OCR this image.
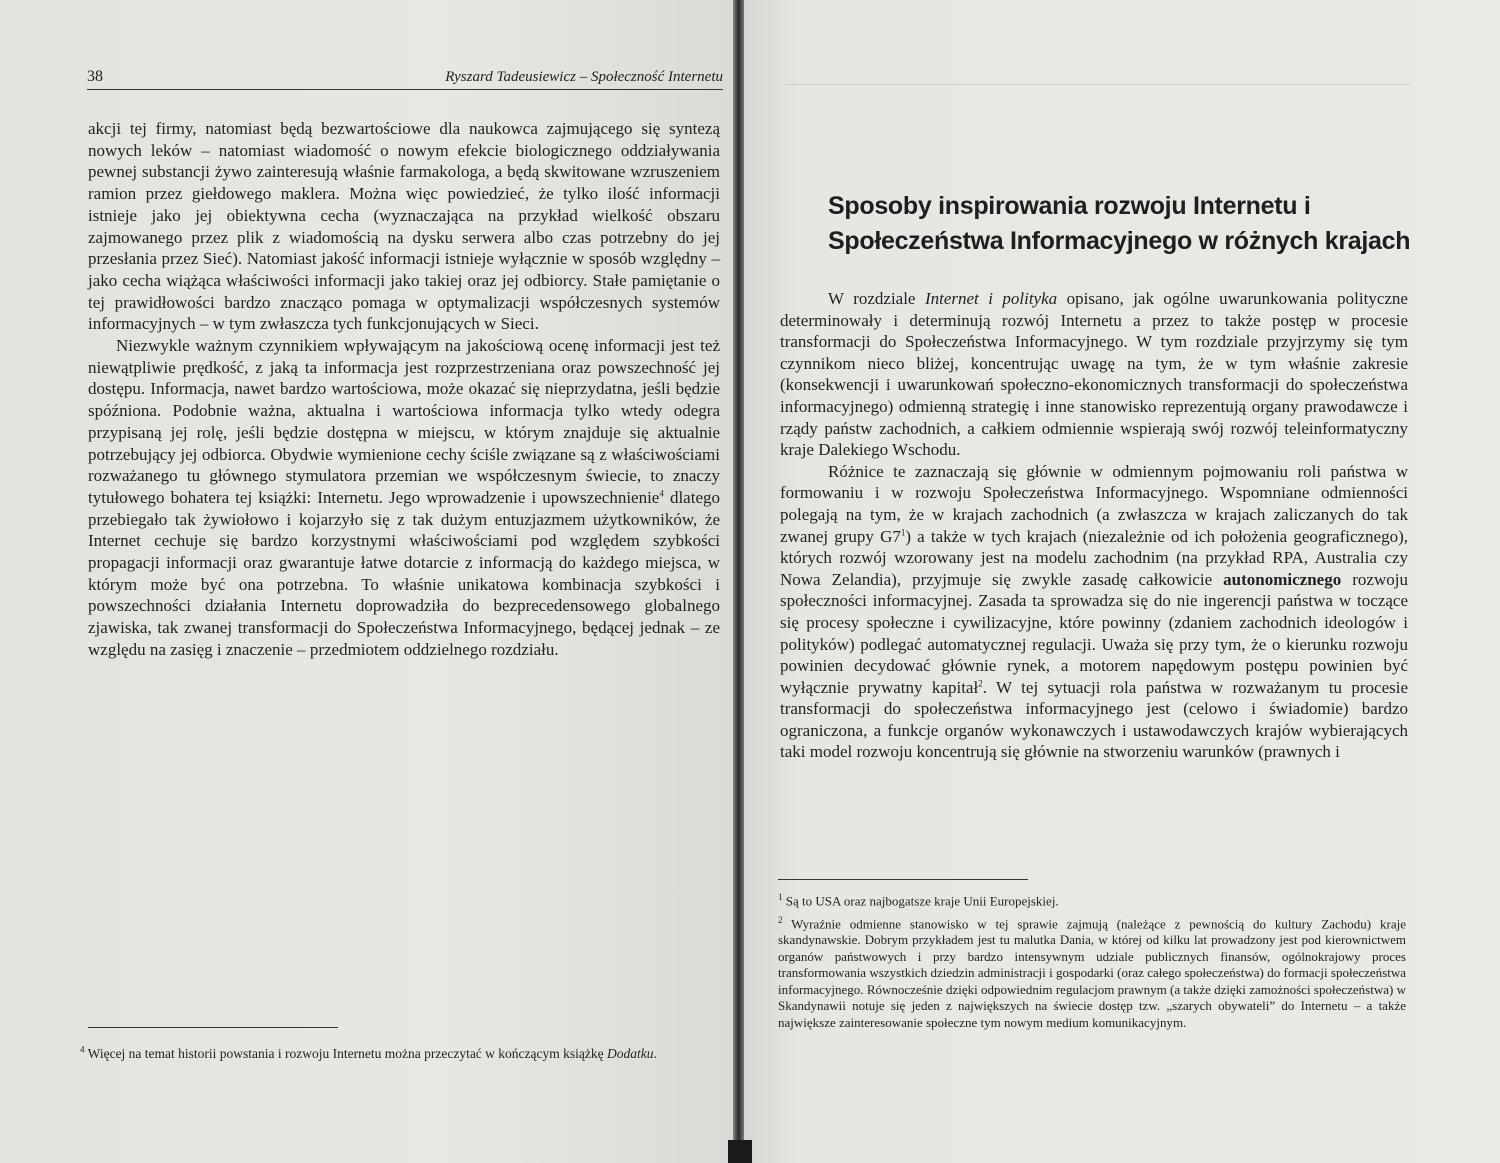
38	Ryszard Tadeusiewicz – Społeczność Internetu

akcji tej firmy, natomiast będą bezwartościowe dla naukowca zajmującego się syntezą nowych leków – natomiast wiadomość o nowym efekcie biologicznego oddziaływania pewnej substancji żywo zainteresują właśnie farmakologa, a będą skwitowane wzruszeniem ramion przez giełdowego maklera. Można więc powiedzieć, że tylko ilość informacji istnieje jako jej obiektywna cecha (wyznaczająca na przykład wielkość obszaru zajmowanego przez plik z wiadomością na dysku serwera albo czas potrzebny do jej przesłania przez Sieć). Natomiast jakość informacji istnieje wyłącznie w sposób względny – jako cecha wiążąca właściwości informacji jako takiej oraz jej odbiorcy. Stałe pamiętanie o tej prawidłowości bardzo znacząco pomaga w optymalizacji współczesnych systemów informacyjnych – w tym zwłaszcza tych funkcjonujących w Sieci.

Niezwykle ważnym czynnikiem wpływającym na jakościową ocenę informacji jest też niewątpliwie prędkość, z jaką ta informacja jest rozprzestrzeniana oraz powszechność jej dostępu. Informacja, nawet bardzo wartościowa, może okazać się nieprzydatna, jeśli będzie spóźniona. Podobnie ważna, aktualna i wartościowa informacja tylko wtedy odegra przypisaną jej rolę, jeśli będzie dostępna w miejscu, w którym znajduje się aktualnie potrzebujący jej odbiorca. Obydwie wymienione cechy ściśle związane są z właściwościami rozważanego tu głównego stymulatora przemian we współczesnym świecie, to znaczy tytułowego bohatera tej książki: Internetu. Jego wprowadzenie i upowszechnienie$^4$ dlatego przebiegało tak żywiołowo i kojarzyło się z tak dużym entuzjazmem użytkowników, że Internet cechuje się bardzo korzystnymi właściwościami pod względem szybkości propagacji informacji oraz gwarantuje łatwe dotarcie z informacją do każdego miejsca, w którym może być ona potrzebna. To właśnie unikatowa kombinacja szybkości i powszechności działania Internetu doprowadziła do bezprecedensowego globalnego zjawiska, tak zwanej transformacji do Społeczeństwa Informacyjnego, będącej jednak – ze względu na zasięg i znaczenie – przedmiotem oddzielnego rozdziału.

$^4$ Więcej na temat historii powstania i rozwoju Internetu można przeczytać w kończącym książkę Dodatku.
Sposoby inspirowania rozwoju Internetu i
Społeczeństwa Informacyjnego w różnych krajach

W rozdziale Internet i polityka opisano, jak ogólne uwarunkowania polityczne determinowały i determinują rozwój Internetu a przez to także postęp w procesie transformacji do Społeczeństwa Informacyjnego. W tym rozdziale przyjrzymy się tym czynnikom nieco bliżej, koncentrując uwagę na tym, że w tym właśnie zakresie (konsekwencji i uwarunkowań społeczno-ekonomicznych transformacji do społeczeństwa informacyjnego) odmienną strategię i inne stanowisko reprezentują organy prawodawcze i rządy państw zachodnich, a całkiem odmiennie wspierają swój rozwój teleinformatyczny kraje Dalekiego Wschodu.

Różnice te zaznaczają się głównie w odmiennym pojmowaniu roli państwa w formowaniu i w rozwoju Społeczeństwa Informacyjnego. Wspomniane odmienności polegają na tym, że w krajach zachodnich (a zwłaszcza w krajach zaliczanych do tak zwanej grupy $G7^1$) a także w tych krajach (niezależnie od ich położenia geograficznego), których rozwój wzorowany jest na modelu zachodnim (na przykład RPA, Australia czy Nowa Zelandia), przyjmuje się zwykle zasadę całkowicie autonomicznego rozwoju społeczności informacyjnej. Zasada ta sprowadza się do nie ingerencji państwa w toczące się procesy społeczne i cywilizacyjne, które powinny (zdaniem zachodnich ideologów i polityków) podlegać automatycznej regulacji. Uważa się przy tym, że o kierunku rozwoju powinien decydować głównie rynek, a motorem napędowym postępu powinien być wyłącznie prywatny kapitał$^2$. W tej sytuacji rola państwa w rozważanym tu procesie transformacji do społeczeństwa informacyjnego jest (celowo i świadomie) bardzo ograniczona, a funkcje organów wykonawczych i ustawodawczych krajów wybierających taki model rozwoju koncentrują się głównie na stworzeniu warunków (prawnych i

$^1$ Są to USA oraz najbogatsze kraje Unii Europejskiej.

$^2$ Wyraźnie odmienne stanowisko w tej sprawie zajmują (należące z pewnością do kultury Zachodu) kraje skandynawskie. Dobrym przykładem jest tu malutka Dania, w której od kilku lat prowadzony jest pod kierownictwem organów państwowych i przy bardzo intensywnym udziale publicznych finansów, ogólnokrajowy proces transformowania wszystkich dziedzin administracji i gospodarki (oraz całego społeczeństwa) do formacji społeczeństwa informacyjnego. Równocześnie dzięki odpowiednim regulacjom prawnym (a także dzięki zamożności społeczeństwa) w Skandynawii notuje się jeden z największych na świecie dostęp tzw. „szarych obywateli” do Internetu – a także największe zainteresowanie społeczne tym nowym medium komunikacyjnym.
